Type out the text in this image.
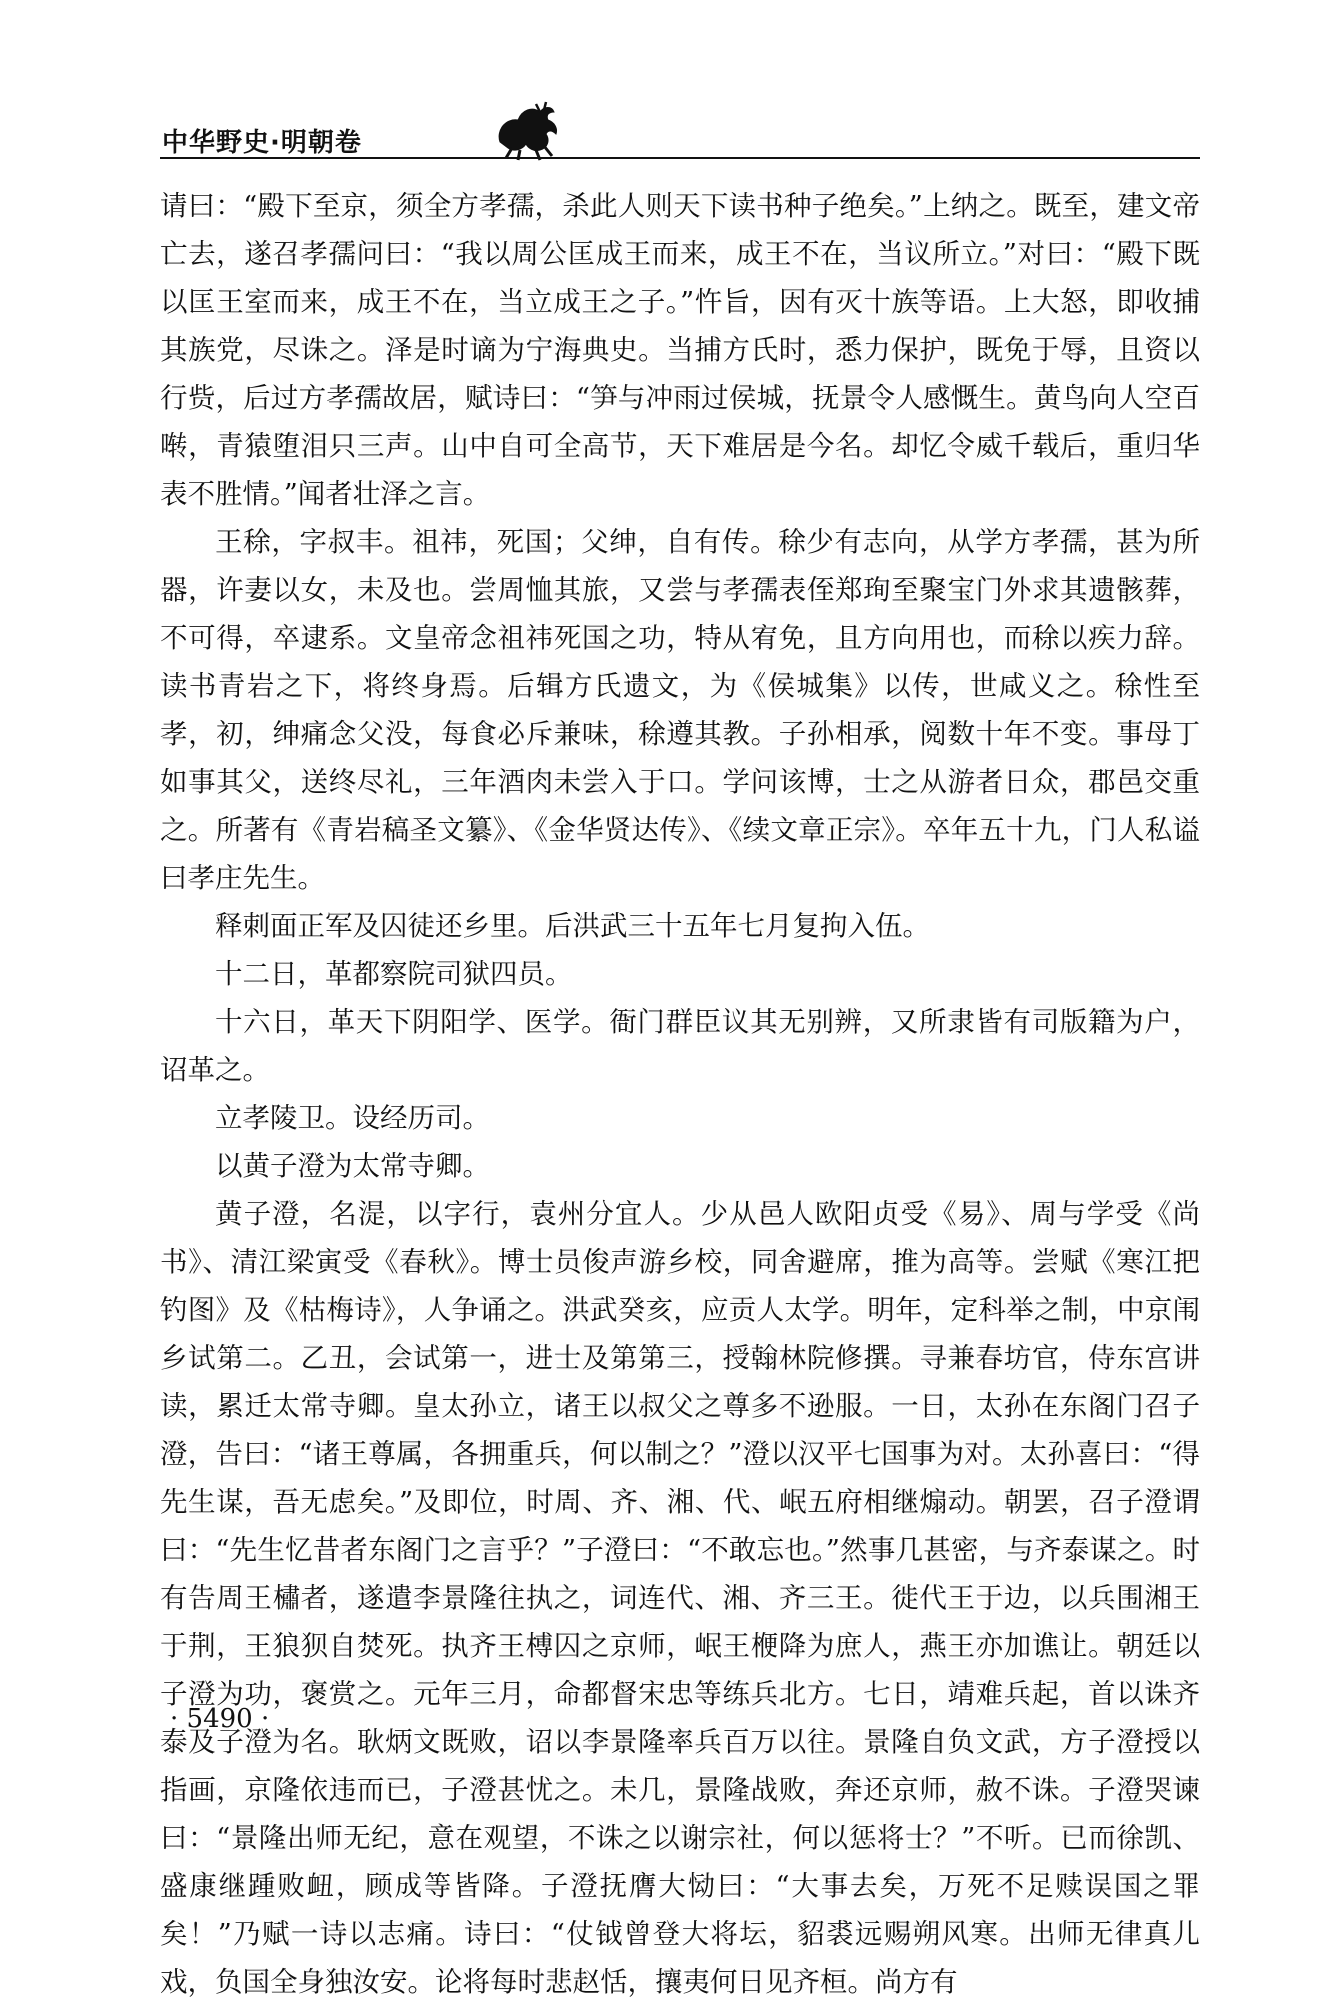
中华野史·明朝卷

请曰：“殿下至京，须全方孝孺，杀此人则天下读书种子绝矣。”上纳之。既至，建文帝亡去，遂召孝孺问曰：“我以周公匡成王而来，成王不在，当议所立。”对曰：“殿下既以匡王室而来，成王不在，当立成王之子。”忤旨，因有灭十族等语。上大怒，即收捕其族党，尽诛之。泽是时谪为宁海典史。当捕方氏时，悉力保护，既免于辱，且资以行赀，后过方孝孺故居，赋诗曰：“笋与冲雨过侯城，抚景令人感慨生。黄鸟向人空百啭，青猿堕泪只三声。山中自可全高节，天下难居是今名。却忆令威千载后，重归华表不胜情。”闻者壮泽之言。

王稌，字叔丰。祖祎，死国；父绅，自有传。稌少有志向，从学方孝孺，甚为所器，许妻以女，未及也。尝周恤其旅，又尝与孝孺表侄郑珣至聚宝门外求其遗骸葬，不可得，卒逮系。文皇帝念祖祎死国之功，特从宥免，且方向用也，而稌以疾力辞。读书青岩之下，将终身焉。后辑方氏遗文，为《侯城集》以传，世咸义之。稌性至孝，初，绅痛念父没，每食必斥兼味，稌遵其教。子孙相承，阅数十年不变。事母丁如事其父，送终尽礼，三年酒肉未尝入于口。学问该博，士之从游者日众，郡邑交重之。所著有《青岩稿圣文纂》、《金华贤达传》、《续文章正宗》。卒年五十九，门人私谥曰孝庄先生。

释刺面正军及囚徒还乡里。后洪武三十五年七月复拘入伍。

十二日，革都察院司狱四员。

十六日，革天下阴阳学、医学。衙门群臣议其无别辨，又所隶皆有司版籍为户，诏革之。

立孝陵卫。设经历司。

以黄子澄为太常寺卿。

黄子澄，名湜，以字行，袁州分宜人。少从邑人欧阳贞受《易》、周与学受《尚书》、清江梁寅受《春秋》。博士员俊声游乡校，同舍避席，推为高等。尝赋《寒江把钓图》及《枯梅诗》，人争诵之。洪武癸亥，应贡人太学。明年，定科举之制，中京闱乡试第二。乙丑，会试第一，进士及第第三，授翰林院修撰。寻兼春坊官，侍东宫讲读，累迁太常寺卿。皇太孙立，诸王以叔父之尊多不逊服。一日，太孙在东阁门召子澄，告曰：“诸王尊属，各拥重兵，何以制之？”澄以汉平七国事为对。太孙喜曰：“得先生谋，吾无虑矣。”及即位，时周、齐、湘、代、岷五府相继煽动。朝罢，召子澄谓曰：“先生忆昔者东阁门之言乎？”子澄曰：“不敢忘也。”然事几甚密，与齐泰谋之。时有告周王橚者，遂遣李景隆往执之，词连代、湘、齐三王。徙代王于边，以兵围湘王于荆，王狼狈自焚死。执齐王榑囚之京师，岷王楩降为庶人，燕王亦加谯让。朝廷以子澄为功，褒赏之。元年三月，命都督宋忠等练兵北方。七日，靖难兵起，首以诛齐泰及子澄为名。耿炳文既败，诏以李景隆率兵百万以往。景隆自负文武，方子澄授以指画，京隆依违而已，子澄甚忧之。未几，景隆战败，奔还京师，赦不诛。子澄哭谏曰：“景隆出师无纪，意在观望，不诛之以谢宗社，何以惩将士？”不听。已而徐凯、盛康继踵败衄，顾成等皆降。子澄抚膺大恸曰：“大事去矣，万死不足赎误国之罪矣！”乃赋一诗以志痛。诗曰：“仗钺曾登大将坛，貂裘远赐朔风寒。出师无律真儿戏，负国全身独汝安。论将每时悲赵恬，攘夷何日见齐桓。尚方有

· 5490 ·
